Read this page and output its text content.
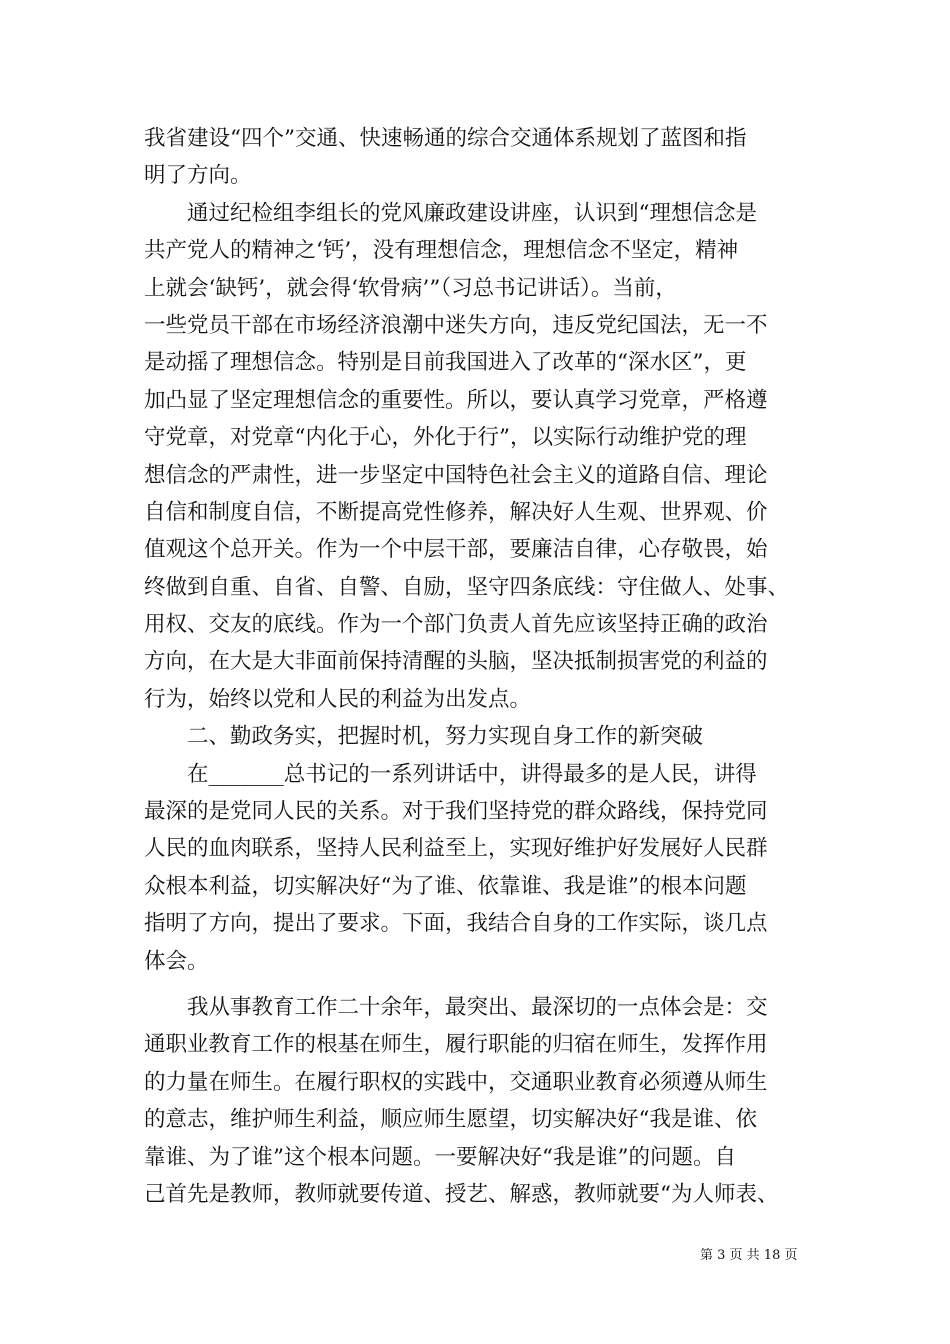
我省建设“四个”交通、快速畅通的综合交通体系规划了蓝图和指
明了方向。
　　通过纪检组李组长的党风廉政建设讲座，认识到“理想信念是
共产党人的精神之‘钙’，没有理想信念，理想信念不坚定，精神
上就会‘缺钙’，就会得‘软骨病’”（习总书记讲话）。当前，
一些党员干部在市场经济浪潮中迷失方向，违反党纪国法，无一不
是动摇了理想信念。特别是目前我国进入了改革的“深水区”，更
加凸显了坚定理想信念的重要性。所以，要认真学习党章，严格遵
守党章，对党章“内化于心，外化于行”，以实际行动维护党的理
想信念的严肃性，进一步坚定中国特色社会主义的道路自信、理论
自信和制度自信，不断提高党性修养，解决好人生观、世界观、价
值观这个总开关。作为一个中层干部，要廉洁自律，心存敬畏，始
终做到自重、自省、自警、自励，坚守四条底线：守住做人、处事、
用权、交友的底线。作为一个部门负责人首先应该坚持正确的政治
方向，在大是大非面前保持清醒的头脑，坚决抵制损害党的利益的
行为，始终以党和人民的利益为出发点。
　　二、勤政务实，把握时机，努力实现自身工作的新突破
　　在_______总书记的一系列讲话中，讲得最多的是人民，讲得
最深的是党同人民的关系。对于我们坚持党的群众路线，保持党同
人民的血肉联系，坚持人民利益至上，实现好维护好发展好人民群
众根本利益，切实解决好“为了谁、依靠谁、我是谁”的根本问题
指明了方向，提出了要求。下面，我结合自身的工作实际，谈几点
体会。
　　我从事教育工作二十余年，最突出、最深切的一点体会是：交
通职业教育工作的根基在师生，履行职能的归宿在师生，发挥作用
的力量在师生。在履行职权的实践中，交通职业教育必须遵从师生
的意志，维护师生利益，顺应师生愿望，切实解决好“我是谁、依
靠谁、为了谁”这个根本问题。一要解决好“我是谁”的问题。自
己首先是教师，教师就要传道、授艺、解惑，教师就要“为人师表、
第 3 页 共 18 页
